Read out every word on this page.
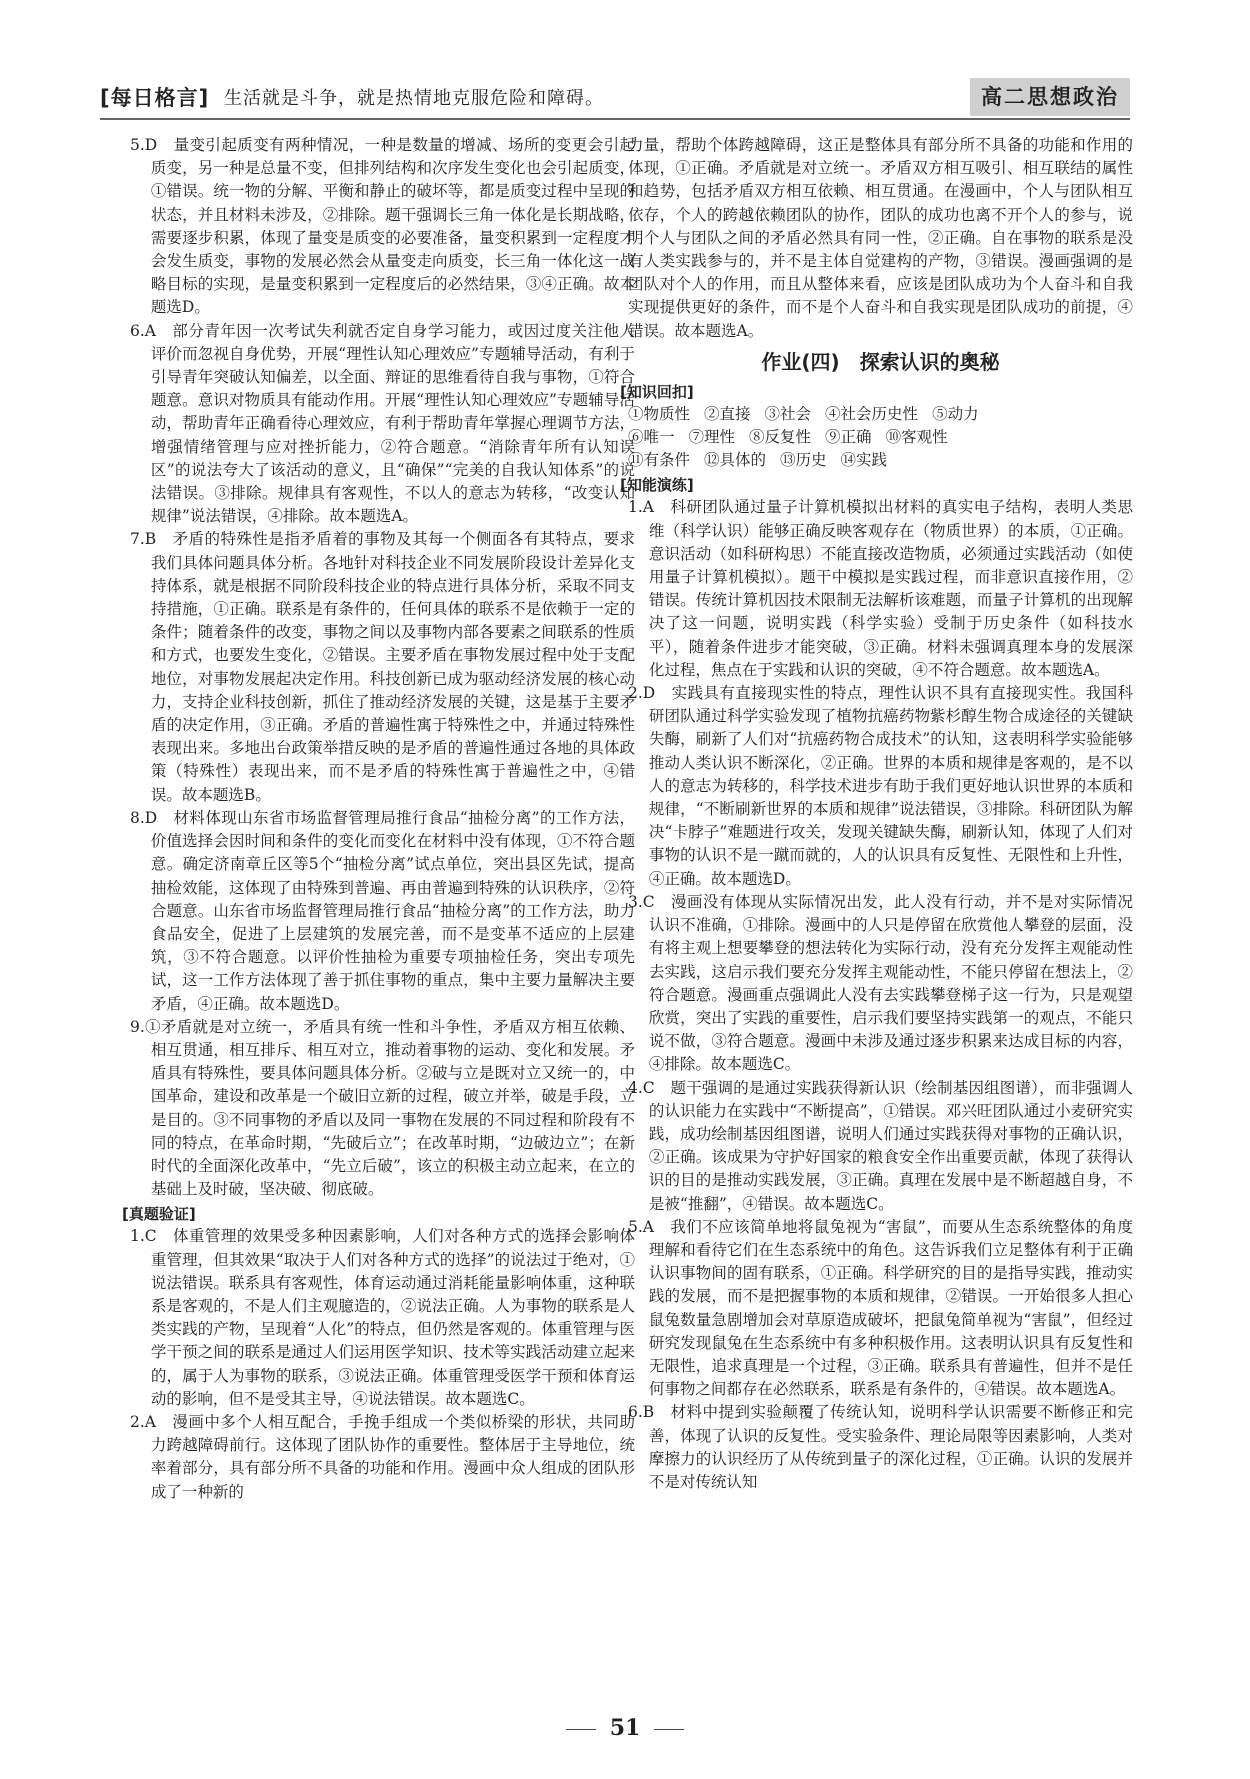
[每日格言] 生活就是斗争，就是热情地克服危险和障碍。	高二思想政治

5.D　量变引起质变有两种情况，一种是数量的增减、场所的变更会引起质变，另一种是总量不变，但排列结构和次序发生变化也会引起质变，①错误。统一物的分解、平衡和静止的破坏等，都是质变过程中呈现的状态，并且材料未涉及，②排除。题干强调长三角一体化是长期战略，需要逐步积累，体现了量变是质变的必要准备，量变积累到一定程度才会发生质变，事物的发展必然会从量变走向质变，长三角一体化这一战略目标的实现，是量变积累到一定程度后的必然结果，③④正确。故本题选D。

6.A　部分青年因一次考试失利就否定自身学习能力，或因过度关注他人评价而忽视自身优势，开展“理性认知心理效应”专题辅导活动，有利于引导青年突破认知偏差，以全面、辩证的思维看待自我与事物，①符合题意。意识对物质具有能动作用。开展“理性认知心理效应”专题辅导活动，帮助青年正确看待心理效应，有利于帮助青年掌握心理调节方法，增强情绪管理与应对挫折能力，②符合题意。“消除青年所有认知误区”的说法夸大了该活动的意义，且“确保”“完美的自我认知体系”的说法错误。③排除。规律具有客观性，不以人的意志为转移，“改变认知规律”说法错误，④排除。故本题选A。

7.B　矛盾的特殊性是指矛盾着的事物及其每一个侧面各有其特点，要求我们具体问题具体分析。各地针对科技企业不同发展阶段设计差异化支持体系，就是根据不同阶段科技企业的特点进行具体分析，采取不同支持措施，①正确。联系是有条件的，任何具体的联系不是依赖于一定的条件；随着条件的改变，事物之间以及事物内部各要素之间联系的性质和方式，也要发生变化，②错误。主要矛盾在事物发展过程中处于支配地位，对事物发展起决定作用。科技创新已成为驱动经济发展的核心动力，支持企业科技创新，抓住了推动经济发展的关键，这是基于主要矛盾的决定作用，③正确。矛盾的普遍性寓于特殊性之中，并通过特殊性表现出来。多地出台政策举措反映的是矛盾的普遍性通过各地的具体政策（特殊性）表现出来，而不是矛盾的特殊性寓于普遍性之中，④错误。故本题选B。

8.D　材料体现山东省市场监督管理局推行食品“抽检分离”的工作方法，价值选择会因时间和条件的变化而变化在材料中没有体现，①不符合题意。确定济南章丘区等5个“抽检分离”试点单位，突出县区先试，提高抽检效能，这体现了由特殊到普遍、再由普遍到特殊的认识秩序，②符合题意。山东省市场监督管理局推行食品“抽检分离”的工作方法，助力食品安全，促进了上层建筑的发展完善，而不是变革不适应的上层建筑，③不符合题意。以评价性抽检为重要专项抽检任务，突出专项先试，这一工作方法体现了善于抓住事物的重点，集中主要力量解决主要矛盾，④正确。故本题选D。

9.①矛盾就是对立统一，矛盾具有统一性和斗争性，矛盾双方相互依赖、相互贯通，相互排斥、相互对立，推动着事物的运动、变化和发展。矛盾具有特殊性，要具体问题具体分析。②破与立是既对立又统一的，中国革命，建设和改革是一个破旧立新的过程，破立并举，破是手段，立是目的。③不同事物的矛盾以及同一事物在发展的不同过程和阶段有不同的特点，在革命时期，“先破后立”；在改革时期，“边破边立”；在新时代的全面深化改革中，“先立后破”，该立的积极主动立起来，在立的基础上及时破，坚决破、彻底破。

[真题验证]

1.C　体重管理的效果受多种因素影响，人们对各种方式的选择会影响体重管理，但其效果“取决于人们对各种方式的选择”的说法过于绝对，①说法错误。联系具有客观性，体育运动通过消耗能量影响体重，这种联系是客观的，不是人们主观臆造的，②说法正确。人为事物的联系是人类实践的产物，呈现着“人化”的特点，但仍然是客观的。体重管理与医学干预之间的联系是通过人们运用医学知识、技术等实践活动建立起来的，属于人为事物的联系，③说法正确。体重管理受医学干预和体育运动的影响，但不是受其主导，④说法错误。故本题选C。

2.A　漫画中多个人相互配合，手挽手组成一个类似桥梁的形状，共同助力跨越障碍前行。这体现了团队协作的重要性。整体居于主导地位，统率着部分，具有部分所不具备的功能和作用。漫画中众人组成的团队形成了一种新的

力量，帮助个体跨越障碍，这正是整体具有部分所不具备的功能和作用的体现，①正确。矛盾就是对立统一。矛盾双方相互吸引、相互联结的属性和趋势，包括矛盾双方相互依赖、相互贯通。在漫画中，个人与团队相互依存，个人的跨越依赖团队的协作，团队的成功也离不开个人的参与，说明个人与团队之间的矛盾必然具有同一性，②正确。自在事物的联系是没有人类实践参与的，并不是主体自觉建构的产物，③错误。漫画强调的是团队对个人的作用，而且从整体来看，应该是团队成功为个人奋斗和自我实现提供更好的条件，而不是个人奋斗和自我实现是团队成功的前提，④错误。故本题选A。

作业(四)　探索认识的奥秘
[知识回扣]

①物质性 ②直接 ③社会 ④社会历史性 ⑤动力

⑥唯一 ⑦理性 ⑧反复性 ⑨正确 ⑩客观性

⑪有条件 ⑫具体的 ⑬历史 ⑭实践

[知能演练]

1.A　科研团队通过量子计算机模拟出材料的真实电子结构，表明人类思维（科学认识）能够正确反映客观存在（物质世界）的本质，①正确。意识活动（如科研构思）不能直接改造物质，必须通过实践活动（如使用量子计算机模拟）。题干中模拟是实践过程，而非意识直接作用，②错误。传统计算机因技术限制无法解析该难题，而量子计算机的出现解决了这一问题，说明实践（科学实验）受制于历史条件（如科技水平），随着条件进步才能突破，③正确。材料未强调真理本身的发展深化过程，焦点在于实践和认识的突破，④不符合题意。故本题选A。

2.D　实践具有直接现实性的特点，理性认识不具有直接现实性。我国科研团队通过科学实验发现了植物抗癌药物紫杉醇生物合成途径的关键缺失酶，刷新了人们对“抗癌药物合成技术”的认知，这表明科学实验能够推动人类认识不断深化，②正确。世界的本质和规律是客观的，是不以人的意志为转移的，科学技术进步有助于我们更好地认识世界的本质和规律，“不断刷新世界的本质和规律”说法错误，③排除。科研团队为解决“卡脖子”难题进行攻关，发现关键缺失酶，刷新认知，体现了人们对事物的认识不是一蹴而就的，人的认识具有反复性、无限性和上升性，④正确。故本题选D。

3.C　漫画没有体现从实际情况出发，此人没有行动，并不是对实际情况认识不准确，①排除。漫画中的人只是停留在欣赏他人攀登的层面，没有将主观上想要攀登的想法转化为实际行动，没有充分发挥主观能动性去实践，这启示我们要充分发挥主观能动性，不能只停留在想法上，②符合题意。漫画重点强调此人没有去实践攀登梯子这一行为，只是观望欣赏，突出了实践的重要性，启示我们要坚持实践第一的观点，不能只说不做，③符合题意。漫画中未涉及通过逐步积累来达成目标的内容，④排除。故本题选C。

4.C　题干强调的是通过实践获得新认识（绘制基因组图谱），而非强调人的认识能力在实践中“不断提高”，①错误。邓兴旺团队通过小麦研究实践，成功绘制基因组图谱，说明人们通过实践获得对事物的正确认识，②正确。该成果为守护好国家的粮食安全作出重要贡献，体现了获得认识的目的是推动实践发展，③正确。真理在发展中是不断超越自身，不是被“推翻”，④错误。故本题选C。

5.A　我们不应该简单地将鼠兔视为“害鼠”，而要从生态系统整体的角度理解和看待它们在生态系统中的角色。这告诉我们立足整体有利于正确认识事物间的固有联系，①正确。科学研究的目的是指导实践，推动实践的发展，而不是把握事物的本质和规律，②错误。一开始很多人担心鼠兔数量急剧增加会对草原造成破坏，把鼠兔简单视为“害鼠”，但经过研究发现鼠兔在生态系统中有多种积极作用。这表明认识具有反复性和无限性，追求真理是一个过程，③正确。联系具有普遍性，但并不是任何事物之间都存在必然联系，联系是有条件的，④错误。故本题选A。

6.B　材料中提到实验颠覆了传统认知，说明科学认识需要不断修正和完善，体现了认识的反复性。受实验条件、理论局限等因素影响，人类对摩擦力的认识经历了从传统到量子的深化过程，①正确。认识的发展并不是对传统认知

51
